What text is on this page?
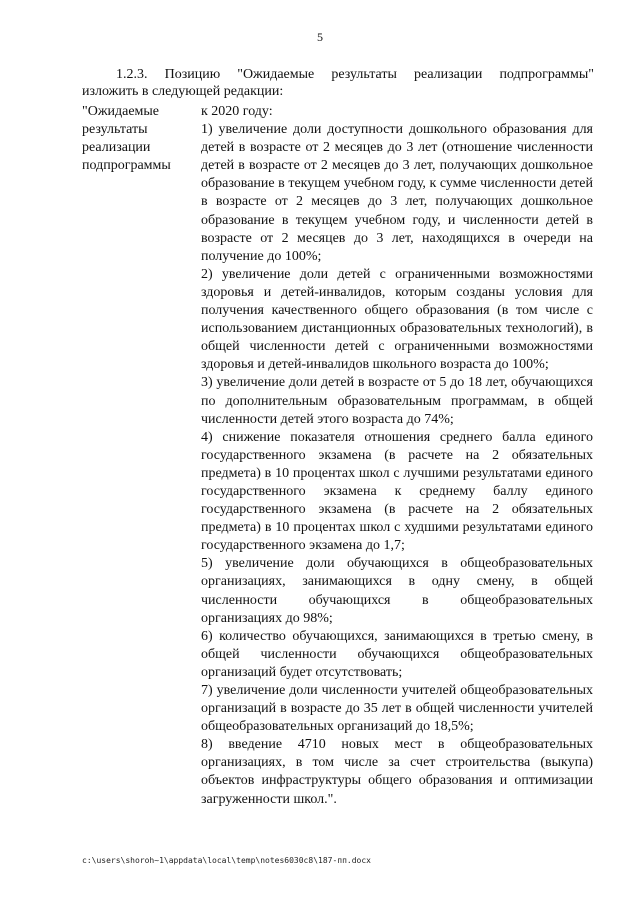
5
1.2.3. Позицию "Ожидаемые результаты реализации подпрограммы"
изложить в следующей редакции:
"Ожидаемые
результаты
реализации
подпрограммы

к 2020 году:

1) увеличение доли доступности дошкольного образования для детей в возрасте от 2 месяцев до 3 лет (отношение численности детей в возрасте от 2 месяцев до 3 лет, получающих дошкольное образование в текущем учебном году, к сумме численности детей в возрасте от 2 месяцев до 3 лет, получающих дошкольное образование в текущем учебном году, и численности детей в возрасте от 2 месяцев до 3 лет, находящихся в очереди на получение до 100%;

2) увеличение доли детей с ограниченными возможностями здоровья и детей-инвалидов, которым созданы условия для получения качественного общего образования (в том числе с использованием дистанционных образовательных технологий), в общей численности детей с ограниченными возможностями здоровья и детей-инвалидов школьного возраста до 100%;

3) увеличение доли детей в возрасте от 5 до 18 лет, обучающихся по дополнительным образовательным программам, в общей численности детей этого возраста до 74%;

4) снижение показателя отношения среднего балла единого государственного экзамена (в расчете на 2 обязательных предмета) в 10 процентах школ с лучшими результатами единого государственного экзамена к среднему баллу единого государственного экзамена (в расчете на 2 обязательных предмета) в 10 процентах школ с худшими результатами единого государственного экзамена до 1,7;

5) увеличение доли обучающихся в общеобразовательных организациях, занимающихся в одну смену, в общей численности обучающихся в общеобразовательных организациях до 98%;

6) количество обучающихся, занимающихся в третью смену, в общей численности обучающихся общеобразовательных организаций будет отсутствовать;

7) увеличение доли численности учителей общеобразовательных организаций в возрасте до 35 лет в общей численности учителей общеобразовательных организаций до 18,5%;

8) введение 4710 новых мест в общеобразовательных организациях, в том числе за счет строительства (выкупа) объектов инфраструктуры общего образования и оптимизации загруженности школ.".

c:\users\shoroh~1\appdata\local\temp\notes6030c8\187-пп.docx
